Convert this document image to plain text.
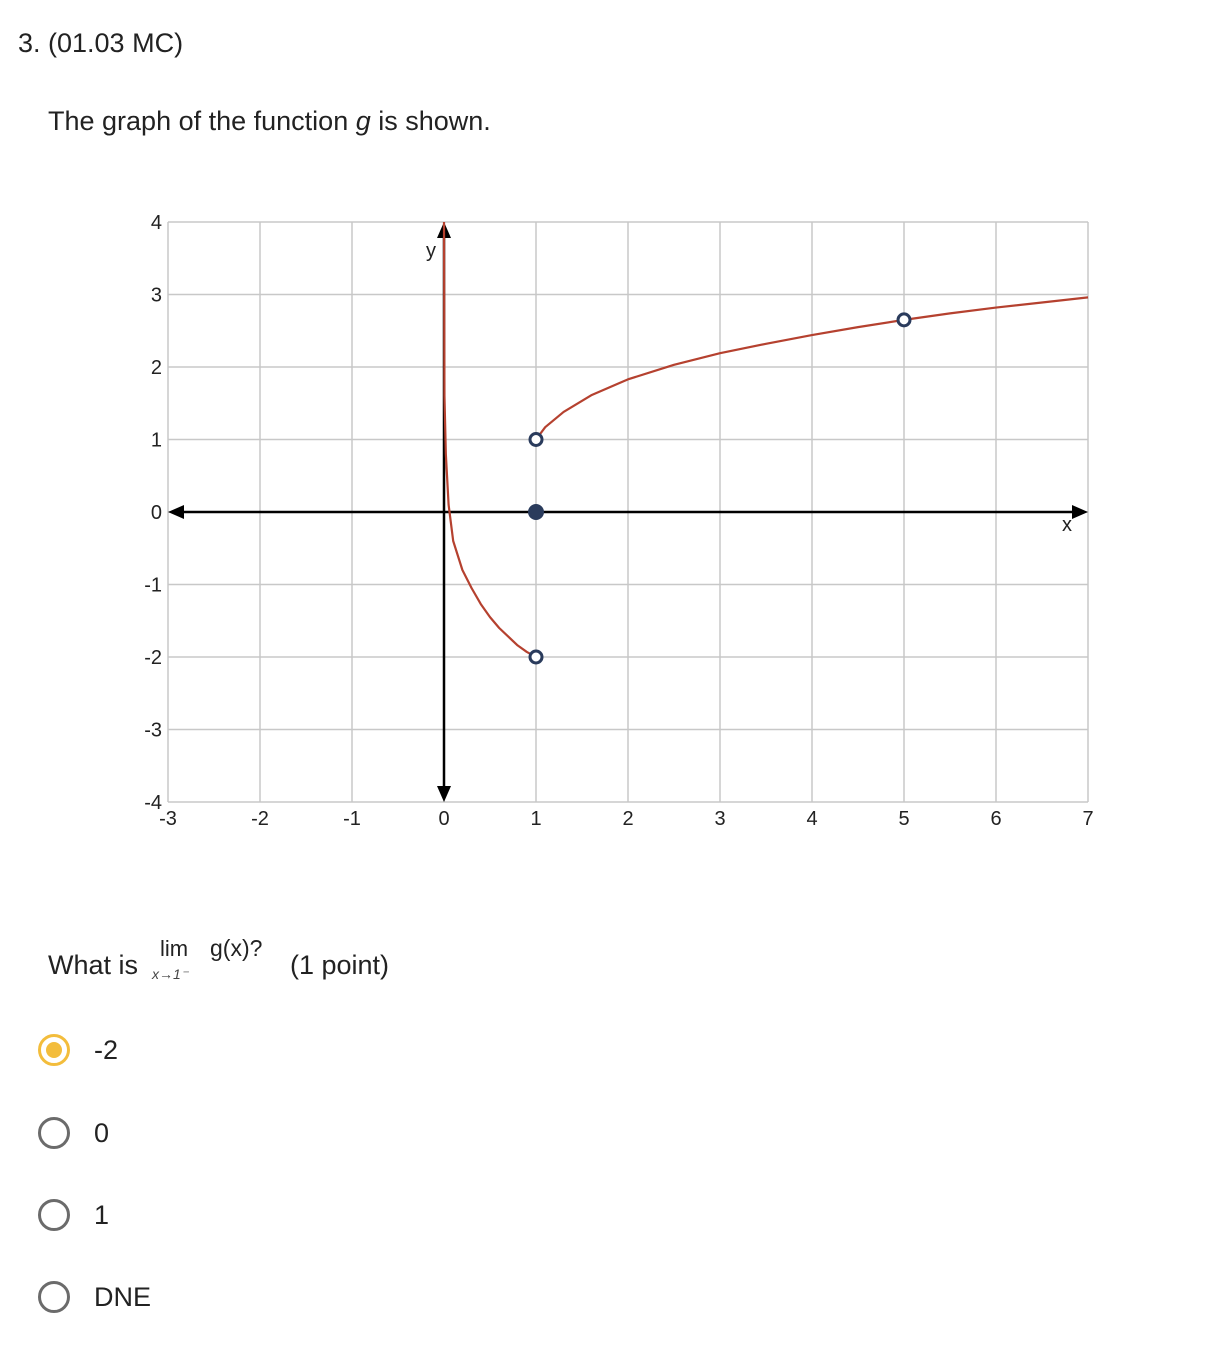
3. (01.03 MC)
The graph of the function g is shown.
x
y
-3	-2	-1	0	1	2	3	4	5	6	7
4
3
2
1
0
-1
-2
-3
-4
What is
lim
x→1⁻
g(x)?
(1 point)
-2
0
1
DNE
